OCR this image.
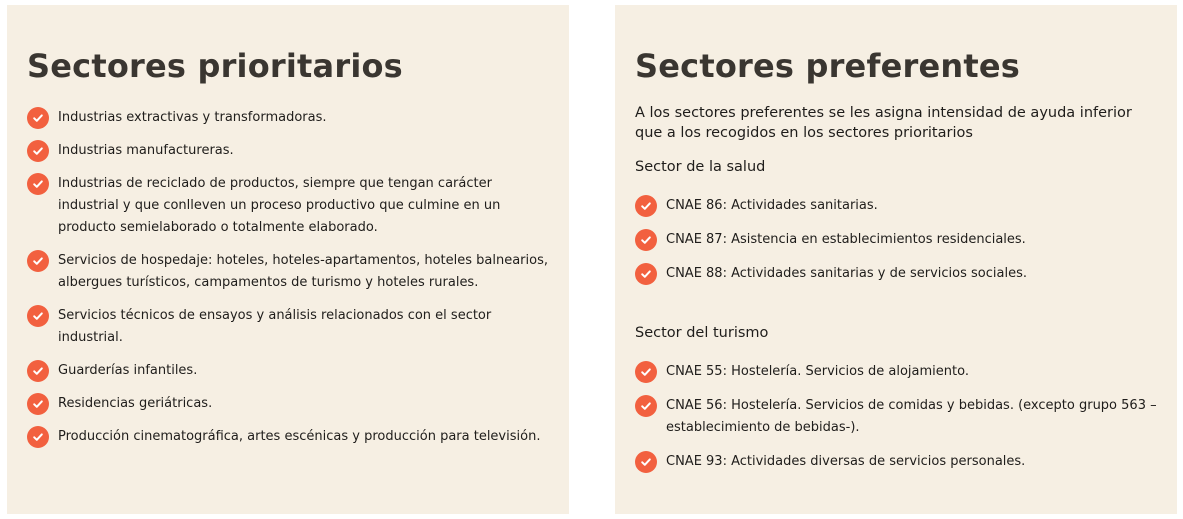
Sectores prioritarios
Industrias extractivas y transformadoras.
Industrias manufactureras.
Industrias de reciclado de productos, siempre que tengan carácter industrial y que conlleven un proceso productivo que culmine en un producto semielaborado o totalmente elaborado.
Servicios de hospedaje: hoteles, hoteles-apartamentos, hoteles balnearios, albergues turísticos, campamentos de turismo y hoteles rurales.
Servicios técnicos de ensayos y análisis relacionados con el sector industrial.
Guarderías infantiles.
Residencias geriátricas.
Producción cinematográfica, artes escénicas y producción para televisión.
Sectores preferentes

A los sectores preferentes se les asigna intensidad de ayuda inferior que a los recogidos en los sectores prioritarios

Sector de la salud

CNAE 86: Actividades sanitarias.
CNAE 87: Asistencia en establecimientos residenciales.
CNAE 88: Actividades sanitarias y de servicios sociales.

Sector del turismo

CNAE 55: Hostelería. Servicios de alojamiento.
CNAE 56: Hostelería. Servicios de comidas y bebidas. (excepto grupo 563 – establecimiento de bebidas-).
CNAE 93: Actividades diversas de servicios personales.
